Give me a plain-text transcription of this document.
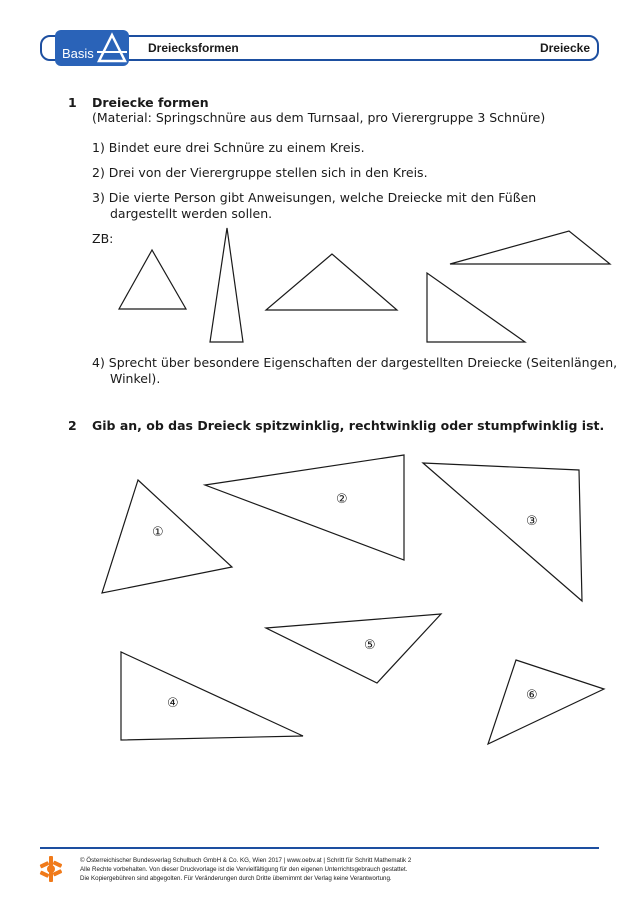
Basis	Dreiecksformen	Dreiecke
1 Dreiecke formen
(Material: Springschnüre aus dem Turnsaal, pro Vierergruppe 3 Schnüre)
1) Bindet eure drei Schnüre zu einem Kreis.
2) Drei von der Vierergruppe stellen sich in den Kreis.
3) Die vierte Person gibt Anweisungen, welche Dreiecke mit den Füßen
dargestellt werden sollen.
ZB:
4) Sprecht über besondere Eigenschaften der dargestellten Dreiecke (Seitenlängen,
Winkel).
2 Gib an, ob das Dreieck spitzwinklig, rechtwinklig oder stumpfwinklig ist.
①
②
③
④
⑤
⑥
© Österreichischer Bundesverlag Schulbuch GmbH & Co. KG, Wien 2017 | www.oebv.at | Schritt für Schritt Mathematik 2
Alle Rechte vorbehalten. Von dieser Druckvorlage ist die Vervielfältigung für den eigenen Unterrichtsgebrauch gestattet.
Die Kopiergebühren sind abgegolten. Für Veränderungen durch Dritte übernimmt der Verlag keine Verantwortung.
